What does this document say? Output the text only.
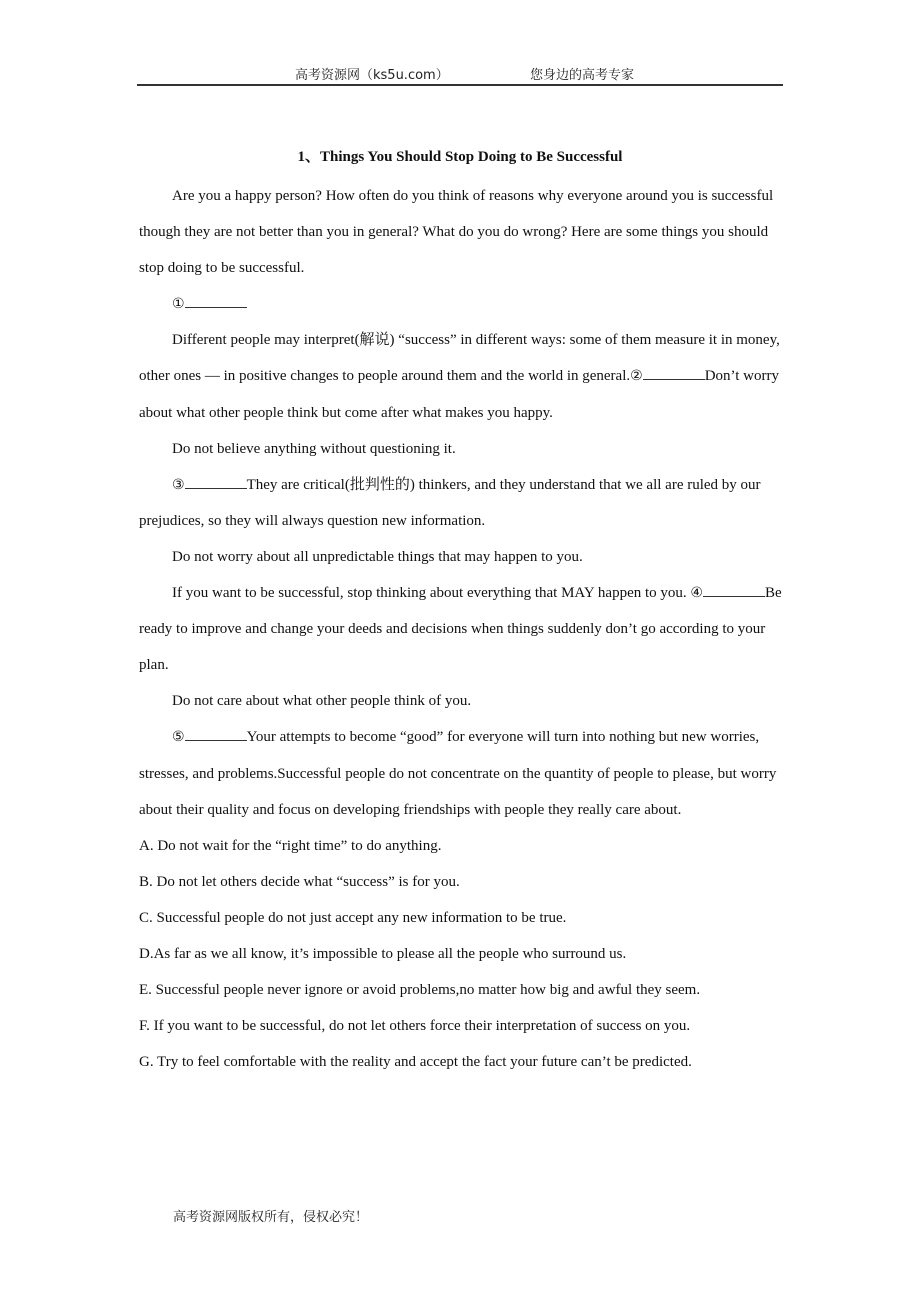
高考资源网（ks5u.com）	您身边的高考专家
1、Things You Should Stop Doing to Be Successful

Are you a happy person? How often do you think of reasons why everyone around you is successful though they are not better than you in general? What do you do wrong? Here are some things you should stop doing to be successful.

①

Different people may interpret(解说) “success” in different ways: some of them measure it in money, other ones — in positive changes to people around them and the world in general.②	Don’t worry about what other people think but come after what makes you happy.

Do not believe anything without questioning it.

③	They are critical(批判性的) thinkers, and they understand that we all are ruled by our prejudices, so they will always question new information.

Do not worry about all unpredictable things that may happen to you.

If you want to be successful, stop thinking about everything that MAY happen to you. ④	Be ready to improve and change your deeds and decisions when things suddenly don’t go according to your plan.

Do not care about what other people think of you.

⑤	Your attempts to become “good” for everyone will turn into nothing but new worries, stresses, and problems.Successful people do not concentrate on the quantity of people to please, but worry about their quality and focus on developing friendships with people they really care about.

A. Do not wait for the “right time” to do anything.

B. Do not let others decide what “success” is for you.

C. Successful people do not just accept any new information to be true.

D.As far as we all know, it’s impossible to please all the people who surround us.

E. Successful people never ignore or avoid problems,no matter how big and awful they seem.

F. If you want to be successful, do not let others force their interpretation of success on you.

G. Try to feel comfortable with the reality and accept the fact your future can’t be predicted.

高考资源网版权所有，侵权必究！
